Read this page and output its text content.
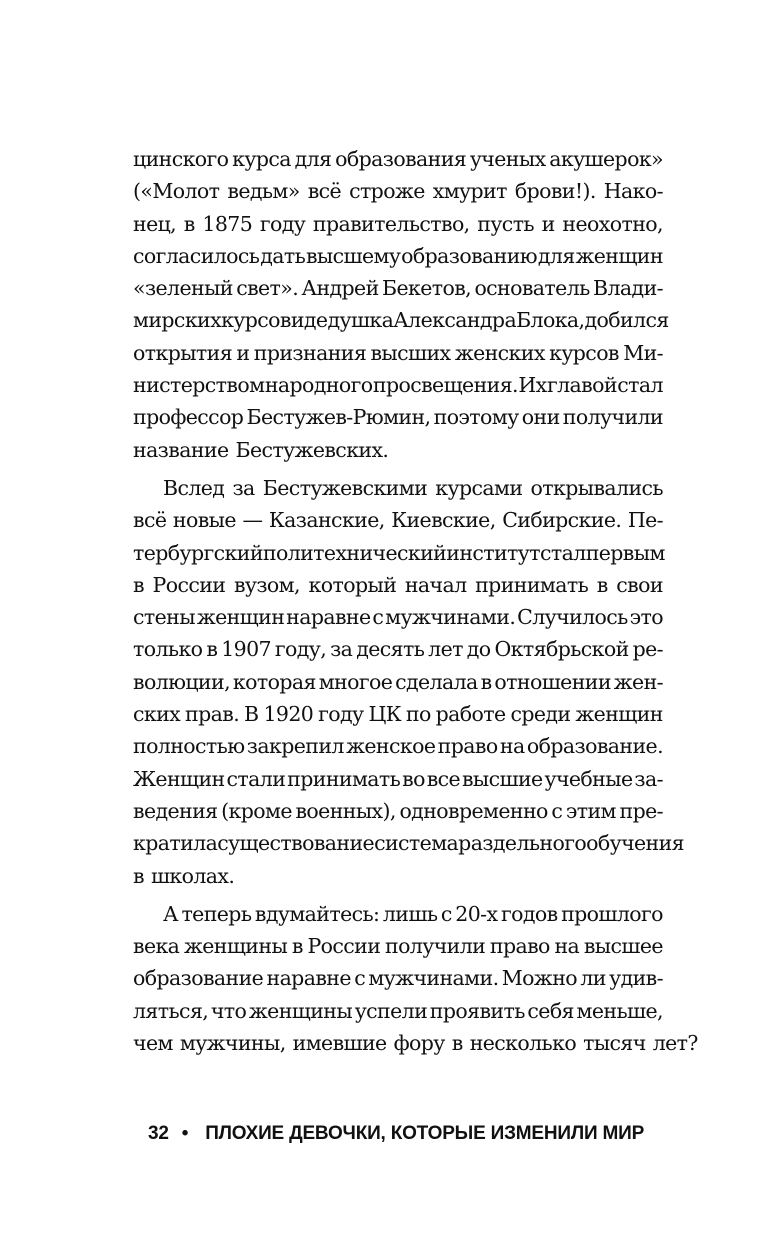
цинского курса для образования ученых акушерок»
(«Молот ведьм» всё строже хмурит брови!). Нако-
нец, в 1875 году правительство, пусть и неохотно,
согласилось дать высшему образованию для женщин
«зеленый свет». Андрей Бекетов, основатель Влади-
мирских курсов и дедушка Александра Блока, добился
открытия и признания высших женских курсов Ми-
нистерством народного просвещения. Их главой стал
профессор Бестужев-Рюмин, поэтому они получили
название Бестужевских.
Вслед за Бестужевскими курсами открывались
всё новые — Казанские, Киевские, Сибирские. Пе-
тербургский политехнический институт стал первым
в России вузом, который начал принимать в свои
стены женщин наравне с мужчинами. Случилось это
только в 1907 году, за десять лет до Октябрьской ре-
волюции, которая многое сделала в отношении жен-
ских прав. В 1920 году ЦК по работе среди женщин
полностью закрепил женское право на образование.
Женщин стали принимать во все высшие учебные за-
ведения (кроме военных), одновременно с этим пре-
кратила существование система раздельного обучения
в школах.
А теперь вдумайтесь: лишь с 20-х годов прошлого
века женщины в России получили право на высшее
образование наравне с мужчинами. Можно ли удив-
ляться, что женщины успели проявить себя меньше,
чем мужчины, имевшие фору в несколько тысяч лет?
32 • ПЛОХИЕ ДЕВОЧКИ, КОТОРЫЕ ИЗМЕНИЛИ МИР
